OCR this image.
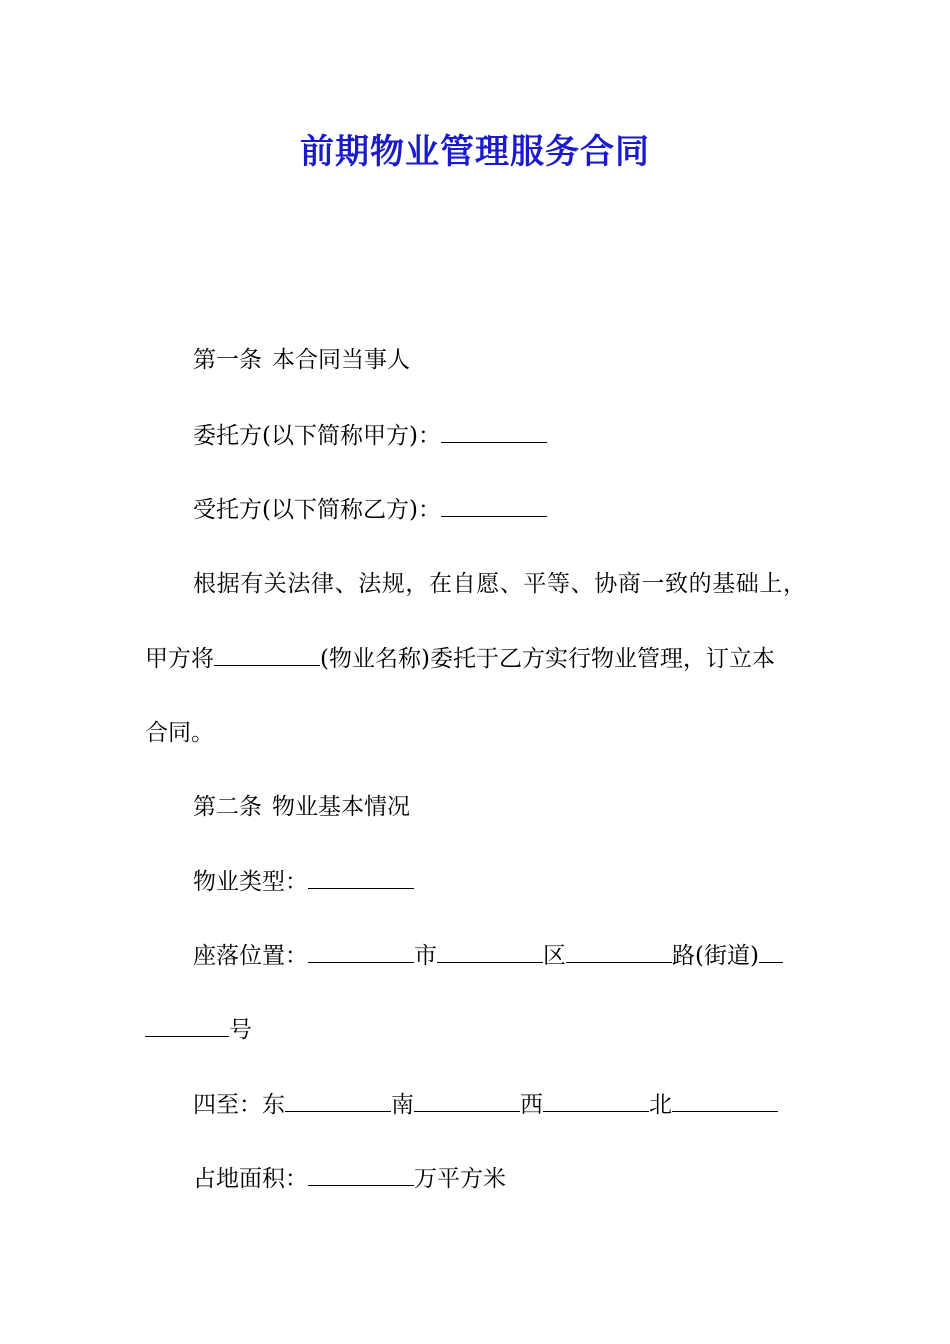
前期物业管理服务合同
第一条 本合同当事人
委托方(以下简称甲方)：
受托方(以下简称乙方)：
根据有关法律、法规，在自愿、平等、协商一致的基础上，
甲方将	(物业名称)委托于乙方实行物业管理，订立本
合同。
第二条 物业基本情况
物业类型：
座落位置：	市	区	路(街道)
号
四至：东	南	西	北
占地面积：	万平方米
